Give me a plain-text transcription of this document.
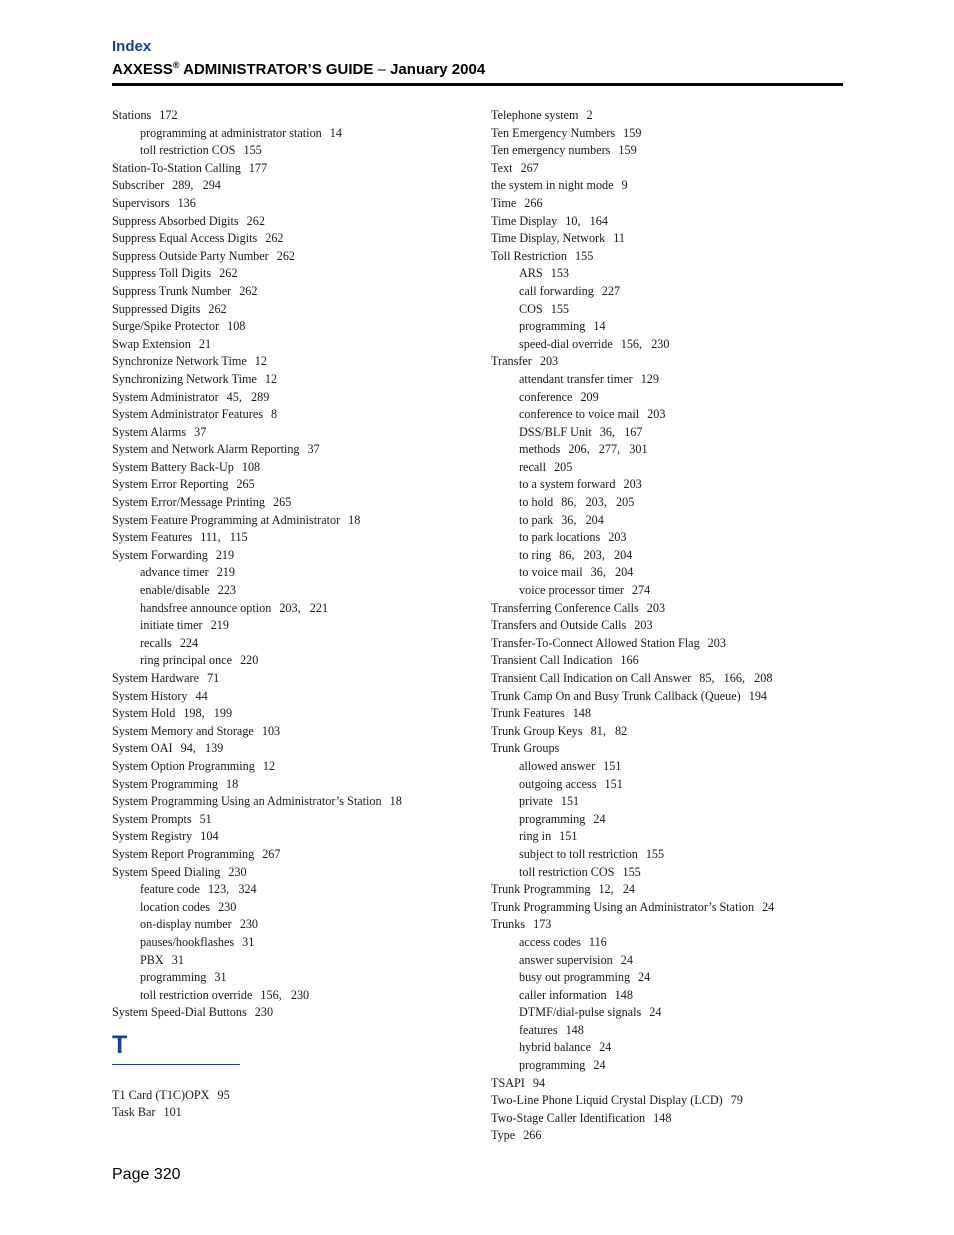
Index
AXXESS® ADMINISTRATOR’S GUIDE – January 2004
Stations 172
programming at administrator station 14
toll restriction COS 155
Station-To-Station Calling 177
Subscriber 289,   294
Supervisors 136
Suppress Absorbed Digits 262
Suppress Equal Access Digits 262
Suppress Outside Party Number 262
Suppress Toll Digits 262
Suppress Trunk Number 262
Suppressed Digits 262
Surge/Spike Protector 108
Swap Extension 21
Synchronize Network Time 12
Synchronizing Network Time 12
System Administrator 45,   289
System Administrator Features 8
System Alarms 37
System and Network Alarm Reporting 37
System Battery Back-Up 108
System Error Reporting 265
System Error/Message Printing 265
System Feature Programming at Administrator 18
System Features 111,   115
System Forwarding 219
advance timer 219
enable/disable 223
handsfree announce option 203,   221
initiate timer 219
recalls 224
ring principal once 220
System Hardware 71
System History 44
System Hold 198,   199
System Memory and Storage 103
System OAI 94,   139
System Option Programming 12
System Programming 18
System Programming Using an Administrator’s Station 18
System Prompts 51
System Registry 104
System Report Programming 267
System Speed Dialing 230
feature code 123,   324
location codes 230
on-display number 230
pauses/hookflashes 31
PBX 31
programming 31
toll restriction override 156,   230
System Speed-Dial Buttons 230
T
T1 Card (T1C)OPX 95
Task Bar 101
Telephone system 2
Ten Emergency Numbers 159
Ten emergency numbers 159
Text 267
the system in night mode 9
Time 266
Time Display 10,   164
Time Display, Network 11
Toll Restriction 155
ARS 153
call forwarding 227
COS 155
programming 14
speed-dial override 156,   230
Transfer 203
attendant transfer timer 129
conference 209
conference to voice mail 203
DSS/BLF Unit 36,   167
methods 206,   277,   301
recall 205
to a system forward 203
to hold 86,   203,   205
to park 36,   204
to park locations 203
to ring 86,   203,   204
to voice mail 36,   204
voice processor timer 274
Transferring Conference Calls 203
Transfers and Outside Calls 203
Transfer-To-Connect Allowed Station Flag 203
Transient Call Indication 166
Transient Call Indication on Call Answer 85,   166,   208
Trunk Camp On and Busy Trunk Callback (Queue) 194
Trunk Features 148
Trunk Group Keys 81,   82
Trunk Groups
allowed answer 151
outgoing access 151
private 151
programming 24
ring in 151
subject to toll restriction 155
toll restriction COS 155
Trunk Programming 12,   24
Trunk Programming Using an Administrator’s Station 24
Trunks 173
access codes 116
answer supervision 24
busy out programming 24
caller information 148
DTMF/dial-pulse signals 24
features 148
hybrid balance 24
programming 24
TSAPI 94
Two-Line Phone Liquid Crystal Display (LCD) 79
Two-Stage Caller Identification 148
Type 266
Page 320
